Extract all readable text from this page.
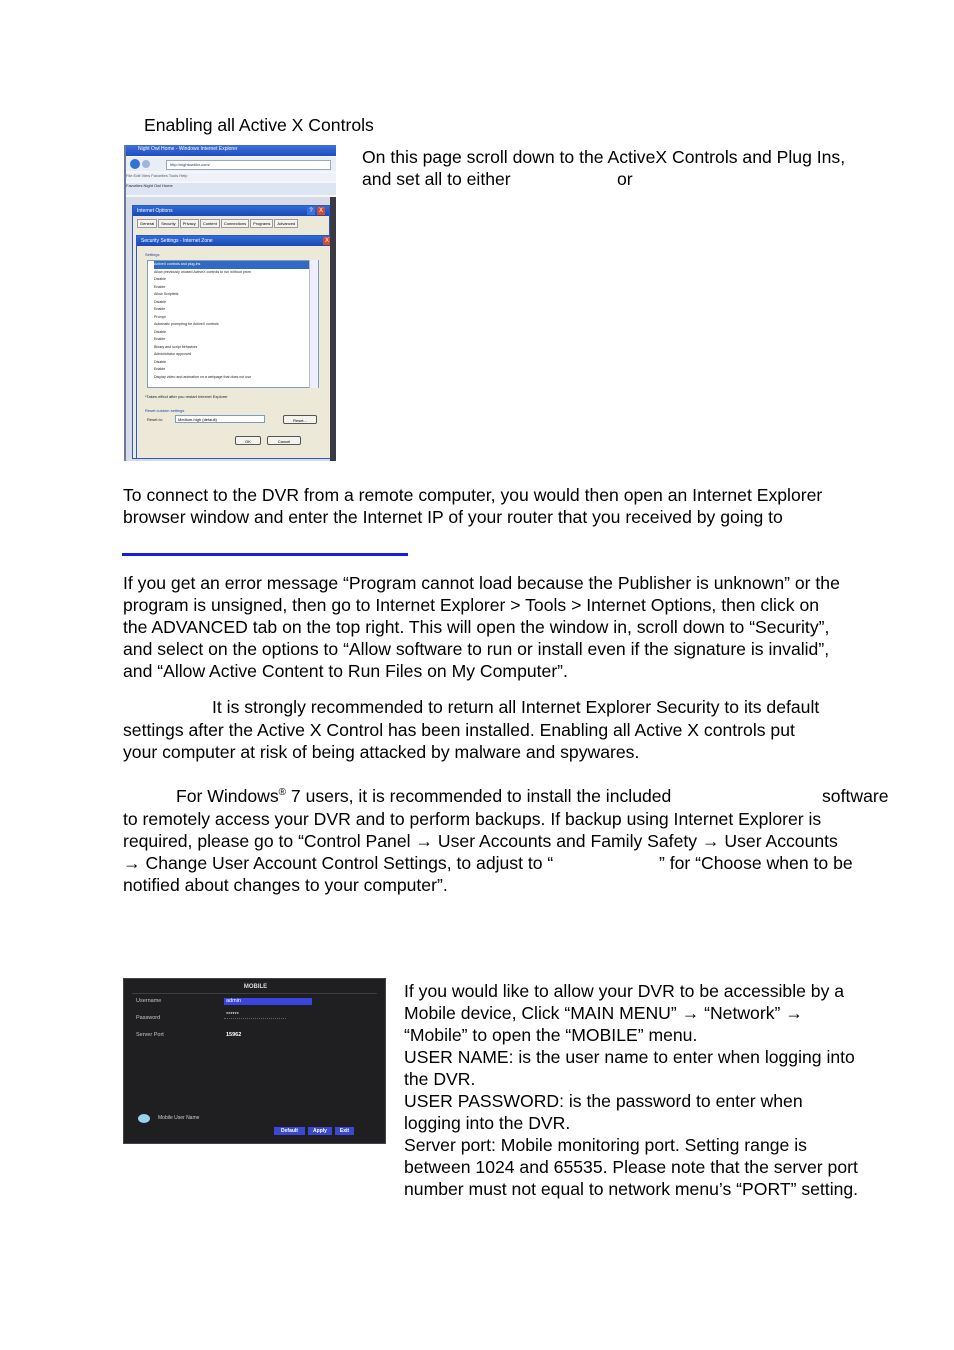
Enabling all Active X Controls
Night Owl Home - Windows Internet Explorer
http://nightowldvr.com/
File Edit View Favorites Tools Help
Favorites Night Owl Home
Internet Options	?	X
General Security Privacy Content Connections Programs Advanced
Security Settings - Internet Zone	X
Settings
ActiveX controls and plug-ins
Allow previously unused ActiveX controls to run without prom
Disable
Enable
Allow Scriptlets
Disable
Enable
Prompt
Automatic prompting for ActiveX controls
Disable
Enable
Binary and script behaviors
Administrator approved
Disable
Enable
Display video and animation on a webpage that does not use
*Takes effect after you restart Internet Explorer
Reset custom settings
Reset to:	Medium-high (default)	Reset...
OK	Cancel
On this page scroll down to the ActiveX Controls and Plug Ins,
and set all to either	or
To connect to the DVR from a remote computer, you would then open an Internet Explorer
browser window and enter the Internet IP of your router that you received by going to
If you get an error message “Program cannot load because the Publisher is unknown” or the
program is unsigned, then go to Internet Explorer > Tools > Internet Options, then click on
the ADVANCED tab on the top right. This will open the window in, scroll down to “Security”,
and select on the options to “Allow software to run or install even if the signature is invalid”,
and “Allow Active Content to Run Files on My Computer”.
It is strongly recommended to return all Internet Explorer Security to its default
settings after the Active X Control has been installed. Enabling all Active X controls put
your computer at risk of being attacked by malware and spywares.
For Windows® 7 users, it is recommended to install the included	software
to remotely access your DVR and to perform backups. If backup using Internet Explorer is
required, please go to “Control Panel → User Accounts and Family Safety → User Accounts
→ Change User Account Control Settings, to adjust to “	” for “Choose when to be
notified about changes to your computer”.
MOBILE
Username	admin
Password	******
Server Port	15962
Mobile User Name
Default	Apply	Exit
If you would like to allow your DVR to be accessible by a
Mobile device, Click “MAIN MENU” → “Network” →
“Mobile” to open the “MOBILE” menu.
USER NAME: is the user name to enter when logging into
the DVR.
USER PASSWORD: is the password to enter when
logging into the DVR.
Server port: Mobile monitoring port. Setting range is
between 1024 and 65535. Please note that the server port
number must not equal to network menu’s “PORT” setting.
